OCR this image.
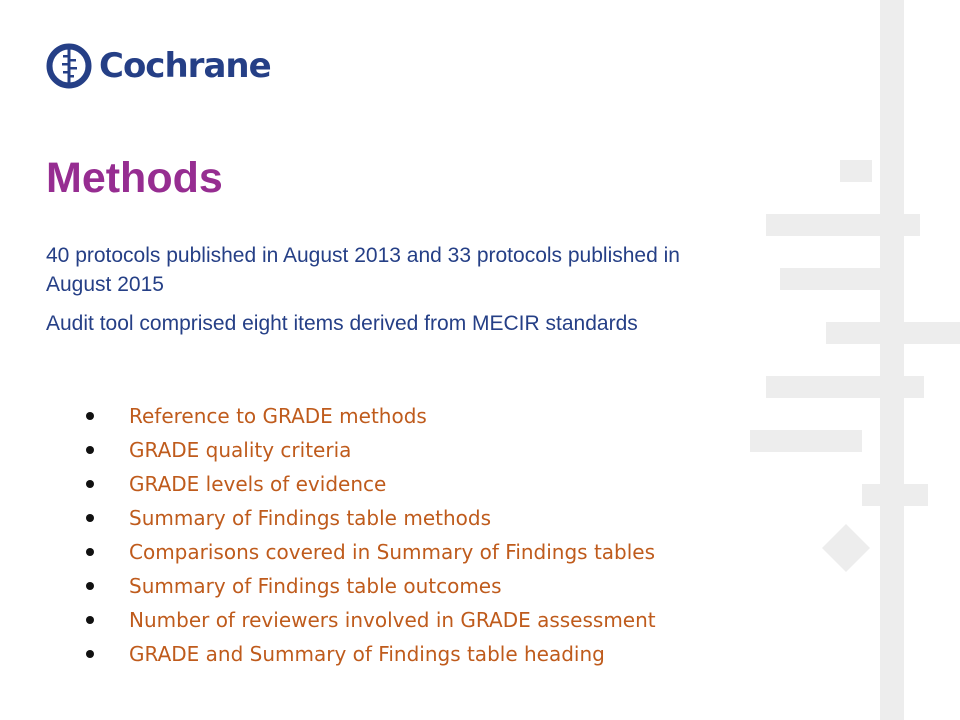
Cochrane
Methods

40 protocols published in August 2013 and 33 protocols published in August 2015

Audit tool comprised eight items derived from MECIR standards

Reference to GRADE methods
GRADE quality criteria
GRADE levels of evidence
Summary of Findings table methods
Comparisons covered in Summary of Findings tables
Summary of Findings table outcomes
Number of reviewers involved in GRADE assessment
GRADE and Summary of Findings table heading
